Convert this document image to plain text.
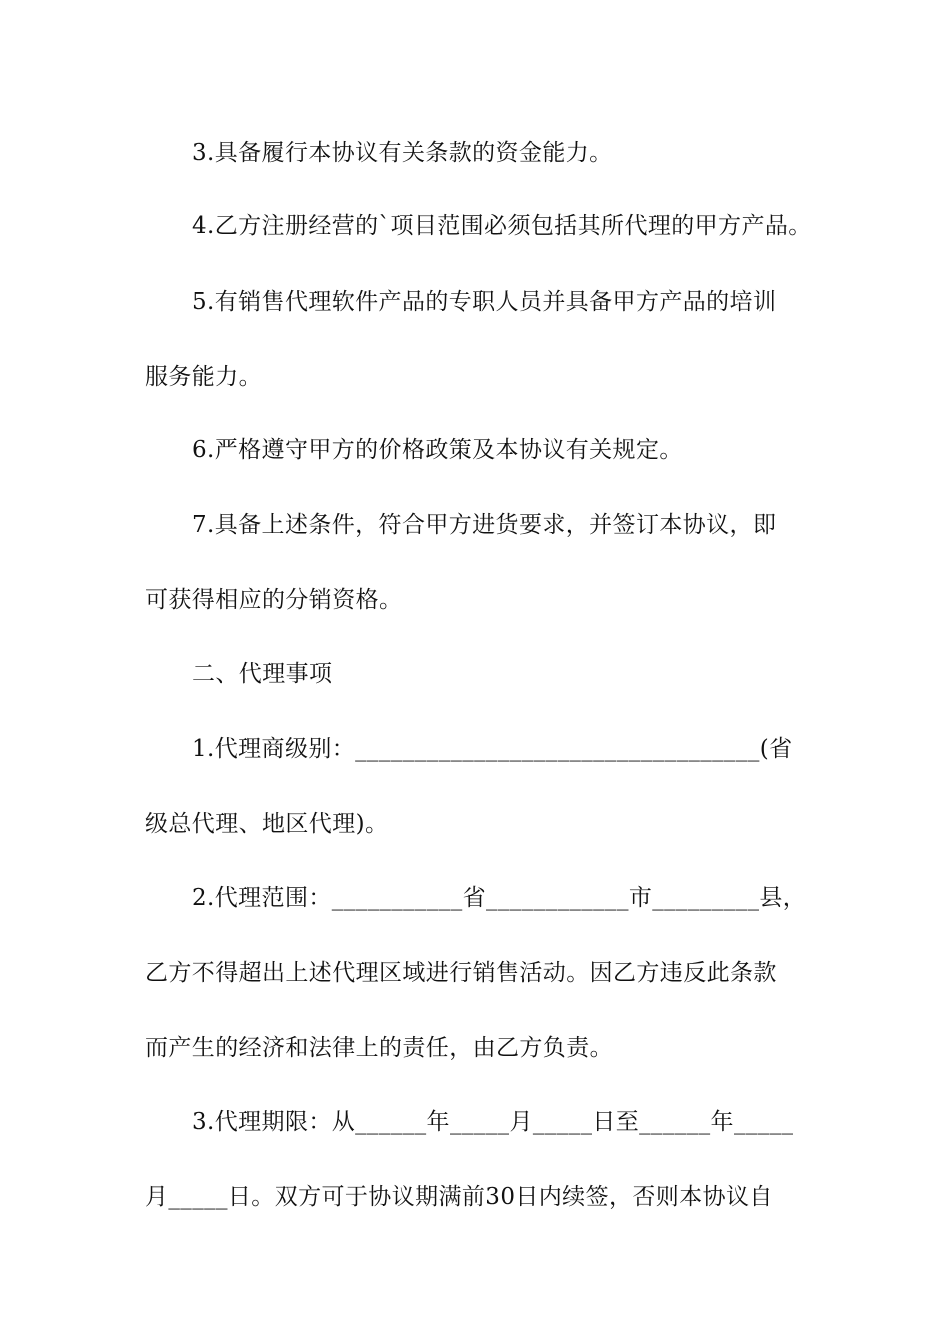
3.具备履行本协议有关条款的资金能力。
4.乙方注册经营的`项目范围必须包括其所代理的甲方产品。
5.有销售代理软件产品的专职人员并具备甲方产品的培训
服务能力。
6.严格遵守甲方的价格政策及本协议有关规定。
7.具备上述条件，符合甲方进货要求，并签订本协议，即
可获得相应的分销资格。
二、代理事项
1.代理商级别：__________________________________(省
级总代理、地区代理)。
2.代理范围：___________省____________市_________县，
乙方不得超出上述代理区域进行销售活动。因乙方违反此条款
而产生的经济和法律上的责任，由乙方负责。
3.代理期限：从______年_____月_____日至______年_____
月_____日。双方可于协议期满前30日内续签，否则本协议自
